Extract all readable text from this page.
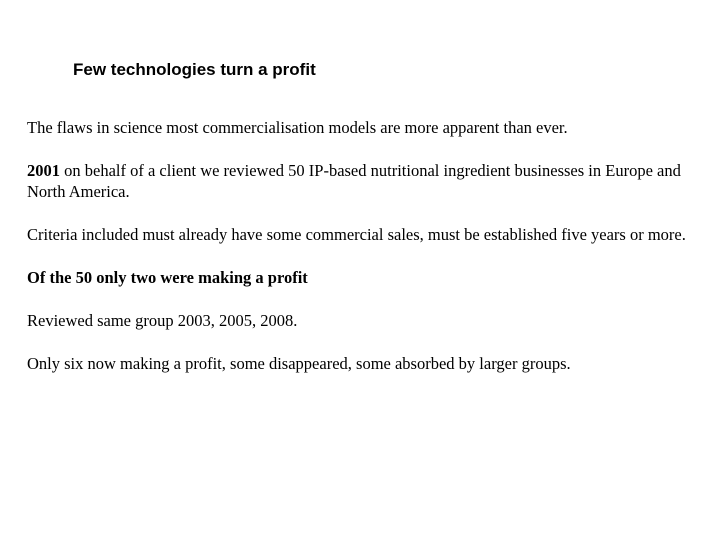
Few technologies turn a profit

The flaws in science most commercialisation models are more apparent than ever.

2001 on behalf of a client we reviewed 50 IP-based nutritional ingredient businesses in Europe and North America.

Criteria included must already have some commercial sales, must be established five years or more.

Of the 50 only two were making a profit

Reviewed same group 2003, 2005, 2008.

Only six now making a profit, some disappeared, some absorbed by larger groups.
